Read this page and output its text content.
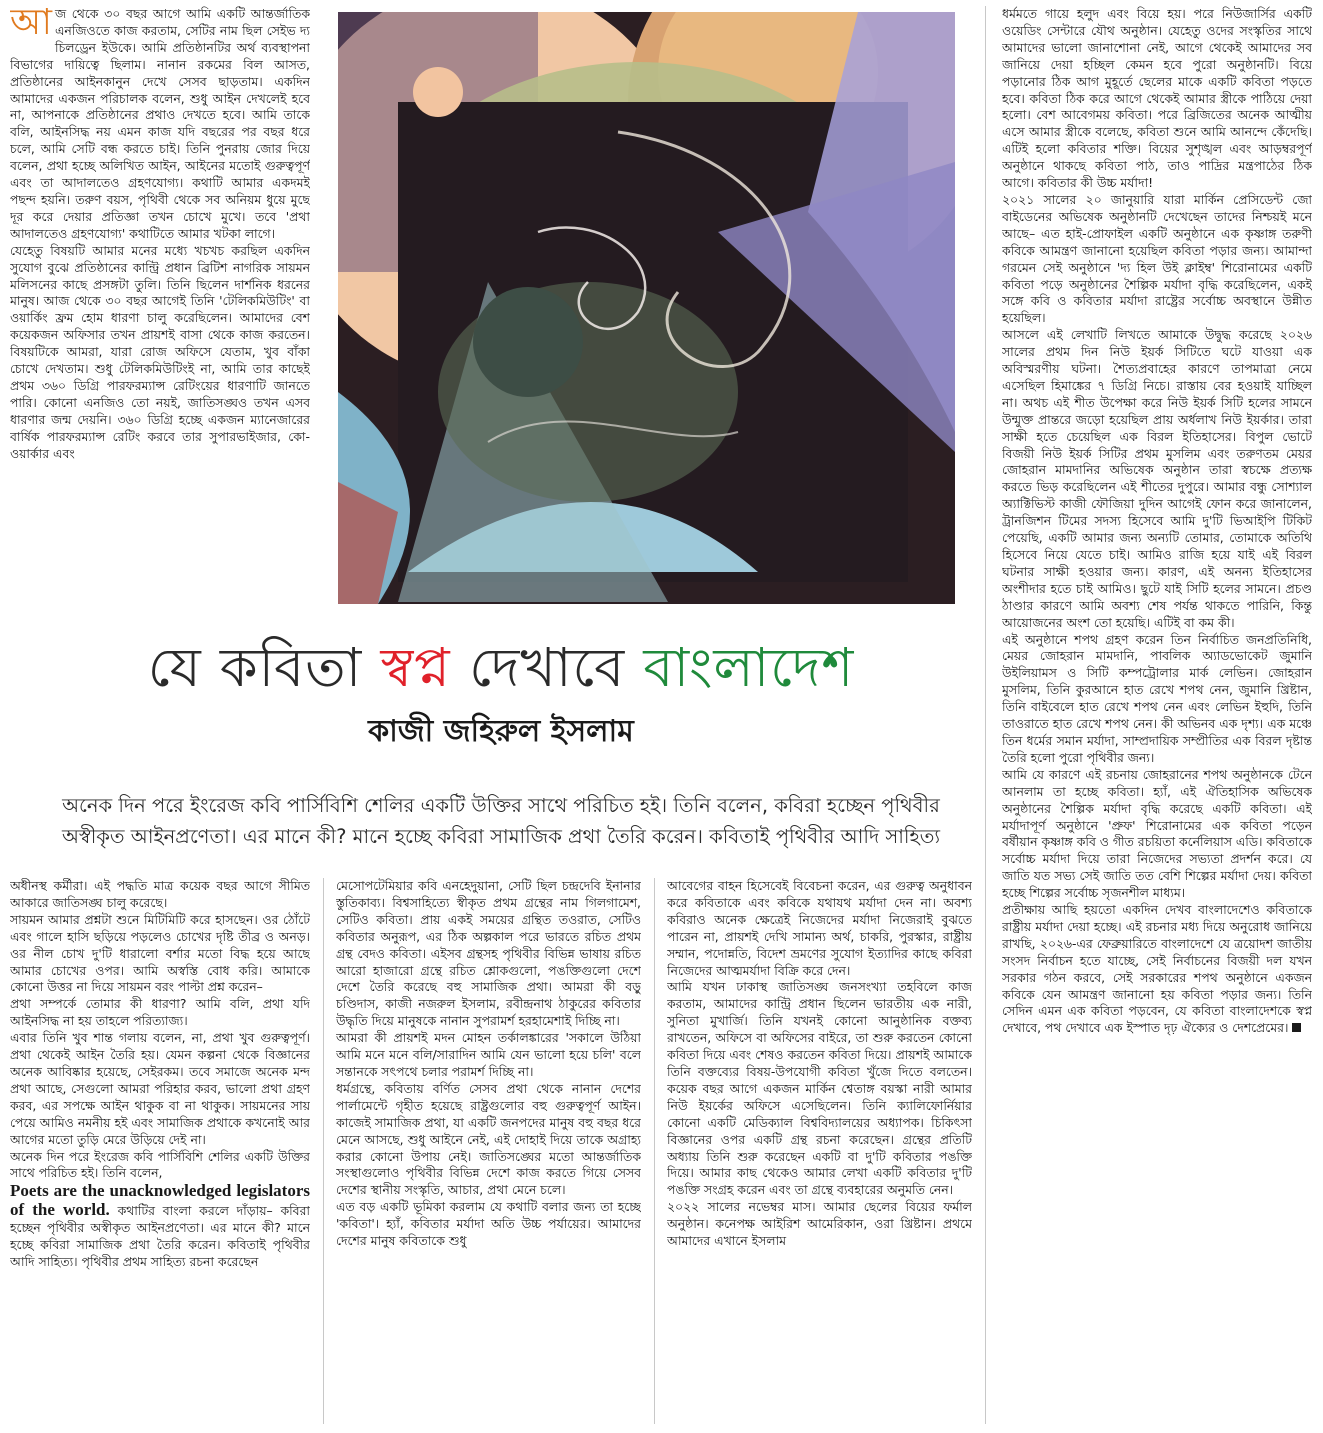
আজ থেকে ৩০ বছর আগে আমি একটি আন্তর্জাতিক এনজিওতে কাজ করতাম, সেটির নাম ছিল সেইভ দ্য চিলড্রেন ইউকে। আমি প্রতিষ্ঠানটির অর্থ ব্যবস্থাপনা বিভাগের দায়িত্বে ছিলাম। নানান রকমের বিল আসত, প্রতিষ্ঠানের আইনকানুন দেখে সেসব ছাড়তাম। একদিন আমাদের একজন পরিচালক বলেন, শুধু আইন দেখলেই হবে না, আপনাকে প্রতিষ্ঠানের প্রথাও দেখতে হবে। আমি তাকে বলি, আইনসিদ্ধ নয় এমন কাজ যদি বছরের পর বছর ধরে চলে, আমি সেটি বন্ধ করতে চাই। তিনি পুনরায় জোর দিয়ে বলেন, প্রথা হচ্ছে অলিখিত আইন, আইনের মতোই গুরুত্বপূর্ণ এবং তা আদালতেও গ্রহণযোগ্য। কথাটি আমার একদমই পছন্দ হয়নি। তরুণ বয়স, পৃথিবী থেকে সব অনিয়ম ধুয়ে মুছে দূর করে দেয়ার প্রতিজ্ঞা তখন চোখে মুখে। তবে 'প্রথা আদালতেও গ্রহণযোগ্য' কথাটিতে আমার খটকা লাগে।

যেহেতু বিষয়টি আমার মনের মধ্যে খচখচ করছিল একদিন সুযোগ বুঝে প্রতিষ্ঠানের কান্ট্রি প্রধান ব্রিটিশ নাগরিক সায়মন মলিসনের কাছে প্রসঙ্গটা তুলি। তিনি ছিলেন দার্শনিক ধরনের মানুষ। আজ থেকে ৩০ বছর আগেই তিনি 'টেলিকমিউটিং' বা ওয়ার্কিং ফ্রম হোম ধারণা চালু করেছিলেন। আমাদের বেশ কয়েকজন অফিসার তখন প্রায়শই বাসা থেকে কাজ করতেন। বিষয়টিকে আমরা, যারা রোজ অফিসে যেতাম, খুব বাঁকা চোখে দেখতাম। শুধু টেলিকমিউটিংই না, আমি তার কাছেই প্রথম ৩৬০ ডিগ্রি পারফরম্যান্স রেটিংয়ের ধারণাটি জানতে পারি। কোনো এনজিও তো নয়ই, জাতিসঙ্ঘও তখন এসব ধারণার জন্ম দেয়নি। ৩৬০ ডিগ্রি হচ্ছে একজন ম্যানেজারের বার্ষিক পারফরম্যান্স রেটিং করবে তার সুপারভাইজার, কো-ওয়ার্কার এবং

যে কবিতা স্বপ্ন দেখাবে বাংলাদেশ
কাজী জহিরুল ইসলাম
অনেক দিন পরে ইংরেজ কবি পার্সিবিশি শেলির একটি উক্তির সাথে পরিচিত হই। তিনি বলেন, কবিরা হচ্ছেন পৃথিবীর অস্বীকৃত আইনপ্রণেতা। এর মানে কী? মানে হচ্ছে কবিরা সামাজিক প্রথা তৈরি করেন। কবিতাই পৃথিবীর আদি সাহিত্য

অধীনস্থ কর্মীরা। এই পদ্ধতি মাত্র কয়েক বছর আগে সীমিত আকারে জাতিসঙ্ঘ চালু করেছে।

সায়মন আমার প্রশ্নটা শুনে মিটিমিটি করে হাসছেন। ওর ঠোঁটে এবং গালে হাসি ছড়িয়ে পড়লেও চোখের দৃষ্টি তীব্র ও অনড়। ওর নীল চোখ দু'টি ধারালো বর্শার মতো বিদ্ধ হয়ে আছে আমার চোখের ওপর। আমি অস্বস্তি বোধ করি। আমাকে কোনো উত্তর না দিয়ে সায়মন বরং পাল্টা প্রশ্ন করেন–

প্রথা সম্পর্কে তোমার কী ধারণা? আমি বলি, প্রথা যদি আইনসিদ্ধ না হয় তাহলে পরিত্যাজ্য।

এবার তিনি খুব শান্ত গলায় বলেন, না, প্রথা খুব গুরুত্বপূর্ণ। প্রথা থেকেই আইন তৈরি হয়। যেমন কল্পনা থেকে বিজ্ঞানের অনেক আবিষ্কার হয়েছে, সেইরকম। তবে সমাজে অনেক মন্দ প্রথা আছে, সেগুলো আমরা পরিহার করব, ভালো প্রথা গ্রহণ করব, এর সপক্ষে আইন থাকুক বা না থাকুক। সায়মনের সায় পেয়ে আমিও নমনীয় হই এবং সামাজিক প্রথাকে কখনোই আর আগের মতো তুড়ি মেরে উড়িয়ে দেই না।

অনেক দিন পরে ইংরেজ কবি পার্সিবিশি শেলির একটি উক্তির সাথে পরিচিত হই। তিনি বলেন,

Poets are the unacknowledged legislators of the world. কথাটির বাংলা করলে দাঁড়ায়– কবিরা হচ্ছেন পৃথিবীর অস্বীকৃত আইনপ্রণেতা। এর মানে কী? মানে হচ্ছে কবিরা সামাজিক প্রথা তৈরি করেন। কবিতাই পৃথিবীর আদি সাহিত্য। পৃথিবীর প্রথম সাহিত্য রচনা করেছেন

মেসোপটেমিয়ার কবি এনহেদুয়ানা, সেটি ছিল চন্দ্রদেবি ইনানার স্তুতিকাব্য। বিশ্বসাহিত্যে স্বীকৃত প্রথম গ্রন্থের নাম গিলগামেশ, সেটিও কবিতা। প্রায় একই সময়ের গ্রন্থিত তওরাত, সেটিও কবিতার অনুরূপ, এর ঠিক অল্পকাল পরে ভারতে রচিত প্রথম গ্রন্থ বেদও কবিতা। এইসব গ্রন্থসহ পৃথিবীর বিভিন্ন ভাষায় রচিত আরো হাজারো গ্রন্থে রচিত শ্লোকগুলো, পঙক্তিগুলো দেশে দেশে তৈরি করেছে বহু সামাজিক প্রথা। আমরা কী বড়ু চণ্ডিদাস, কাজী নজরুল ইসলাম, রবীন্দ্রনাথ ঠাকুরের কবিতার উদ্ধৃতি দিয়ে মানুষকে নানান সুপরামর্শ হরহামেশাই দিচ্ছি না।

আমরা কী প্রায়শই মদন মোহন তর্কালঙ্কারের 'সকালে উঠিয়া আমি মনে মনে বলি/সারাদিন আমি যেন ভালো হয়ে চলি' বলে সন্তানকে সৎপথে চলার পরামর্শ দিচ্ছি না।

ধর্মগ্রন্থে, কবিতায় বর্ণিত সেসব প্রথা থেকে নানান দেশের পার্লামেন্টে গৃহীত হয়েছে রাষ্ট্রগুলোর বহু গুরুত্বপূর্ণ আইন। কাজেই সামাজিক প্রথা, যা একটি জনপদের মানুষ বহু বছর ধরে মেনে আসছে, শুধু আইনে নেই, এই দোহাই দিয়ে তাকে অগ্রাহ্য করার কোনো উপায় নেই। জাতিসঙ্ঘের মতো আন্তর্জাতিক সংস্থাগুলোও পৃথিবীর বিভিন্ন দেশে কাজ করতে গিয়ে সেসব দেশের স্থানীয় সংস্কৃতি, আচার, প্রথা মেনে চলে।

এত বড় একটি ভূমিকা করলাম যে কথাটি বলার জন্য তা হচ্ছে 'কবিতা'। হ্যাঁ, কবিতার মর্যাদা অতি উচ্চ পর্যায়ের। আমাদের দেশের মানুষ কবিতাকে শুধু

আবেগের বাহন হিসেবেই বিবেচনা করেন, এর গুরুত্ব অনুধাবন করে কবিতাকে এবং কবিকে যথাযথ মর্যাদা দেন না। অবশ্য কবিরাও অনেক ক্ষেত্রেই নিজেদের মর্যাদা নিজেরাই বুঝতে পারেন না, প্রায়শই দেখি সামান্য অর্থ, চাকরি, পুরস্কার, রাষ্ট্রীয় সম্মান, পদোন্নতি, বিদেশ ভ্রমণের সুযোগ ইত্যাদির কাছে কবিরা নিজেদের আত্মমর্যাদা বিক্রি করে দেন।

আমি যখন ঢাকাস্থ জাতিসঙ্ঘ জনসংখ্যা তহবিলে কাজ করতাম, আমাদের কান্ট্রি প্রধান ছিলেন ভারতীয় এক নারী, সুনিতা মুখার্জি। তিনি যখনই কোনো আনুষ্ঠানিক বক্তব্য রাখতেন, অফিসে বা অফিসের বাইরে, তা শুরু করতেন কোনো কবিতা দিয়ে এবং শেষও করতেন কবিতা দিয়ে। প্রায়শই আমাকে তিনি বক্তব্যের বিষয়-উপযোগী কবিতা খুঁজে দিতে বলতেন। কয়েক বছর আগে একজন মার্কিন শ্বেতাঙ্গ বয়স্কা নারী আমার নিউ ইয়র্কের অফিসে এসেছিলেন। তিনি ক্যালিফোর্নিয়ার কোনো একটি মেডিক্যাল বিশ্ববিদ্যালয়ের অধ্যাপক। চিকিৎসা বিজ্ঞানের ওপর একটি গ্রন্থ রচনা করেছেন। গ্রন্থের প্রতিটি অধ্যায় তিনি শুরু করেছেন একটি বা দু'টি কবিতার পঙক্তি দিয়ে। আমার কাছ থেকেও আমার লেখা একটি কবিতার দু'টি পঙক্তি সংগ্রহ করেন এবং তা গ্রন্থে ব্যবহারের অনুমতি নেন।

২০২২ সালের নভেম্বর মাস। আমার ছেলের বিয়ের ফর্মাল অনুষ্ঠান। কনেপক্ষ আইরিশ আমেরিকান, ওরা খ্রিষ্টান। প্রথমে আমাদের এখানে ইসলাম

ধর্মমতে গায়ে হলুদ এবং বিয়ে হয়। পরে নিউজার্সির একটি ওয়েডিং সেন্টারে যৌথ অনুষ্ঠান। যেহেতু ওদের সংস্কৃতির সাথে আমাদের ভালো জানাশোনা নেই, আগে থেকেই আমাদের সব জানিয়ে দেয়া হচ্ছিল কেমন হবে পুরো অনুষ্ঠানটি। বিয়ে পড়ানোর ঠিক আগ মুহূর্তে ছেলের মাকে একটি কবিতা পড়তে হবে। কবিতা ঠিক করে আগে থেকেই আমার স্ত্রীকে পাঠিয়ে দেয়া হলো। বেশ আবেগময় কবিতা। পরে ব্রিজিতের অনেক আত্মীয় এসে আমার স্ত্রীকে বলেছে, কবিতা শুনে আমি আনন্দে কেঁদেছি। এটিই হলো কবিতার শক্তি। বিয়ের সুশৃঙ্খল এবং আড়ম্বরপূর্ণ অনুষ্ঠানে থাকছে কবিতা পাঠ, তাও পাদ্রির মন্ত্রপাঠের ঠিক আগে। কবিতার কী উচ্চ মর্যাদা!

২০২১ সালের ২০ জানুয়ারি যারা মার্কিন প্রেসিডেন্ট জো বাইডেনের অভিষেক অনুষ্ঠানটি দেখেছেন তাদের নিশ্চয়ই মনে আছে– এত হাই-প্রোফাইল একটি অনুষ্ঠানে এক কৃষ্ণাঙ্গ তরুণী কবিকে আমন্ত্রণ জানানো হয়েছিল কবিতা পড়ার জন্য। আমান্দা গরমেন সেই অনুষ্ঠানে 'দ্য হিল উই ক্লাইম্ব' শিরোনামের একটি কবিতা পড়ে অনুষ্ঠানের শৈল্পিক মর্যাদা বৃদ্ধি করেছিলেন, একই সঙ্গে কবি ও কবিতার মর্যাদা রাষ্ট্রের সর্বোচ্চ অবস্থানে উন্নীত হয়েছিল।

আসলে এই লেখাটি লিখতে আমাকে উদ্বুদ্ধ করেছে ২০২৬ সালের প্রথম দিন নিউ ইয়র্ক সিটিতে ঘটে যাওয়া এক অবিস্মরণীয় ঘটনা। শৈত্যপ্রবাহের কারণে তাপমাত্রা নেমে এসেছিল হিমাঙ্কের ৭ ডিগ্রি নিচে। রাস্তায় বের হওয়াই যাচ্ছিল না। অথচ এই শীত উপেক্ষা করে নিউ ইয়র্ক সিটি হলের সামনে উন্মুক্ত প্রান্তরে জড়ো হয়েছিল প্রায় অর্ধলাখ নিউ ইয়র্কার। তারা সাক্ষী হতে চেয়েছিল এক বিরল ইতিহাসের। বিপুল ভোটে বিজয়ী নিউ ইয়র্ক সিটির প্রথম মুসলিম এবং তরুণতম মেয়র জোহরান মামদানির অভিষেক অনুষ্ঠান তারা স্বচক্ষে প্রত্যক্ষ করতে ভিড় করেছিলেন এই শীতের দুপুরে। আমার বন্ধু সোশ্যাল অ্যাক্টিভিস্ট কাজী ফৌজিয়া দুদিন আগেই ফোন করে জানালেন, ট্রানজিশন টিমের সদস্য হিসেবে আমি দু'টি ভিআইপি টিকিট পেয়েছি, একটি আমার জন্য অন্যটি তোমার, তোমাকে অতিথি হিসেবে নিয়ে যেতে চাই। আমিও রাজি হয়ে যাই এই বিরল ঘটনার সাক্ষী হওয়ার জন্য। কারণ, এই অনন্য ইতিহাসের অংশীদার হতে চাই আমিও। ছুটে যাই সিটি হলের সামনে। প্রচণ্ড ঠাণ্ডার কারণে আমি অবশ্য শেষ পর্যন্ত থাকতে পারিনি, কিন্তু আয়োজনের অংশ তো হয়েছি। এটিই বা কম কী।

এই অনুষ্ঠানে শপথ গ্রহণ করেন তিন নির্বাচিত জনপ্রতিনিধি, মেয়র জোহরান মামদানি, পাবলিক অ্যাডভোকেট জুমানি উইলিয়ামস ও সিটি কম্পট্রোলার মার্ক লেভিন। জোহরান মুসলিম, তিনি কুরআনে হাত রেখে শপথ নেন, জুমানি খ্রিষ্টান, তিনি বাইবেলে হাত রেখে শপথ নেন এবং লেভিন ইহুদি, তিনি তাওরাতে হাত রেখে শপথ নেন। কী অভিনব এক দৃশ্য। এক মঞ্চে তিন ধর্মের সমান মর্যাদা, সাম্প্রদায়িক সম্প্রীতির এক বিরল দৃষ্টান্ত তৈরি হলো পুরো পৃথিবীর জন্য।

আমি যে কারণে এই রচনায় জোহরানের শপথ অনুষ্ঠানকে টেনে আনলাম তা হচ্ছে কবিতা। হ্যাঁ, এই ঐতিহাসিক অভিষেক অনুষ্ঠানের শৈল্পিক মর্যাদা বৃদ্ধি করেছে একটি কবিতা। এই মর্যাদাপূর্ণ অনুষ্ঠানে 'প্রুফ' শিরোনামের এক কবিতা পড়েন বর্ষীয়ান কৃষ্ণাঙ্গ কবি ও গীত রচয়িতা কর্নেলিয়াস এডি। কবিতাকে সর্বোচ্চ মর্যাদা দিয়ে তারা নিজেদের সভ্যতা প্রদর্শন করে। যে জাতি যত সভ্য সেই জাতি তত বেশি শিল্পের মর্যাদা দেয়। কবিতা হচ্ছে শিল্পের সর্বোচ্চ সৃজনশীল মাধ্যম।

প্রতীক্ষায় আছি হয়তো একদিন দেখব বাংলাদেশেও কবিতাকে রাষ্ট্রীয় মর্যাদা দেয়া হচ্ছে। এই রচনার মধ্য দিয়ে অনুরোধ জানিয়ে রাখছি, ২০২৬-এর ফেব্রুয়ারিতে বাংলাদেশে যে ত্রয়োদশ জাতীয় সংসদ নির্বাচন হতে যাচ্ছে, সেই নির্বাচনের বিজয়ী দল যখন সরকার গঠন করবে, সেই সরকারের শপথ অনুষ্ঠানে একজন কবিকে যেন আমন্ত্রণ জানানো হয় কবিতা পড়ার জন্য। তিনি সেদিন এমন এক কবিতা পড়বেন, যে কবিতা বাংলাদেশকে স্বপ্ন দেখাবে, পথ দেখাবে এক ইস্পাত দৃঢ় ঐক্যের ও দেশপ্রেমের।
